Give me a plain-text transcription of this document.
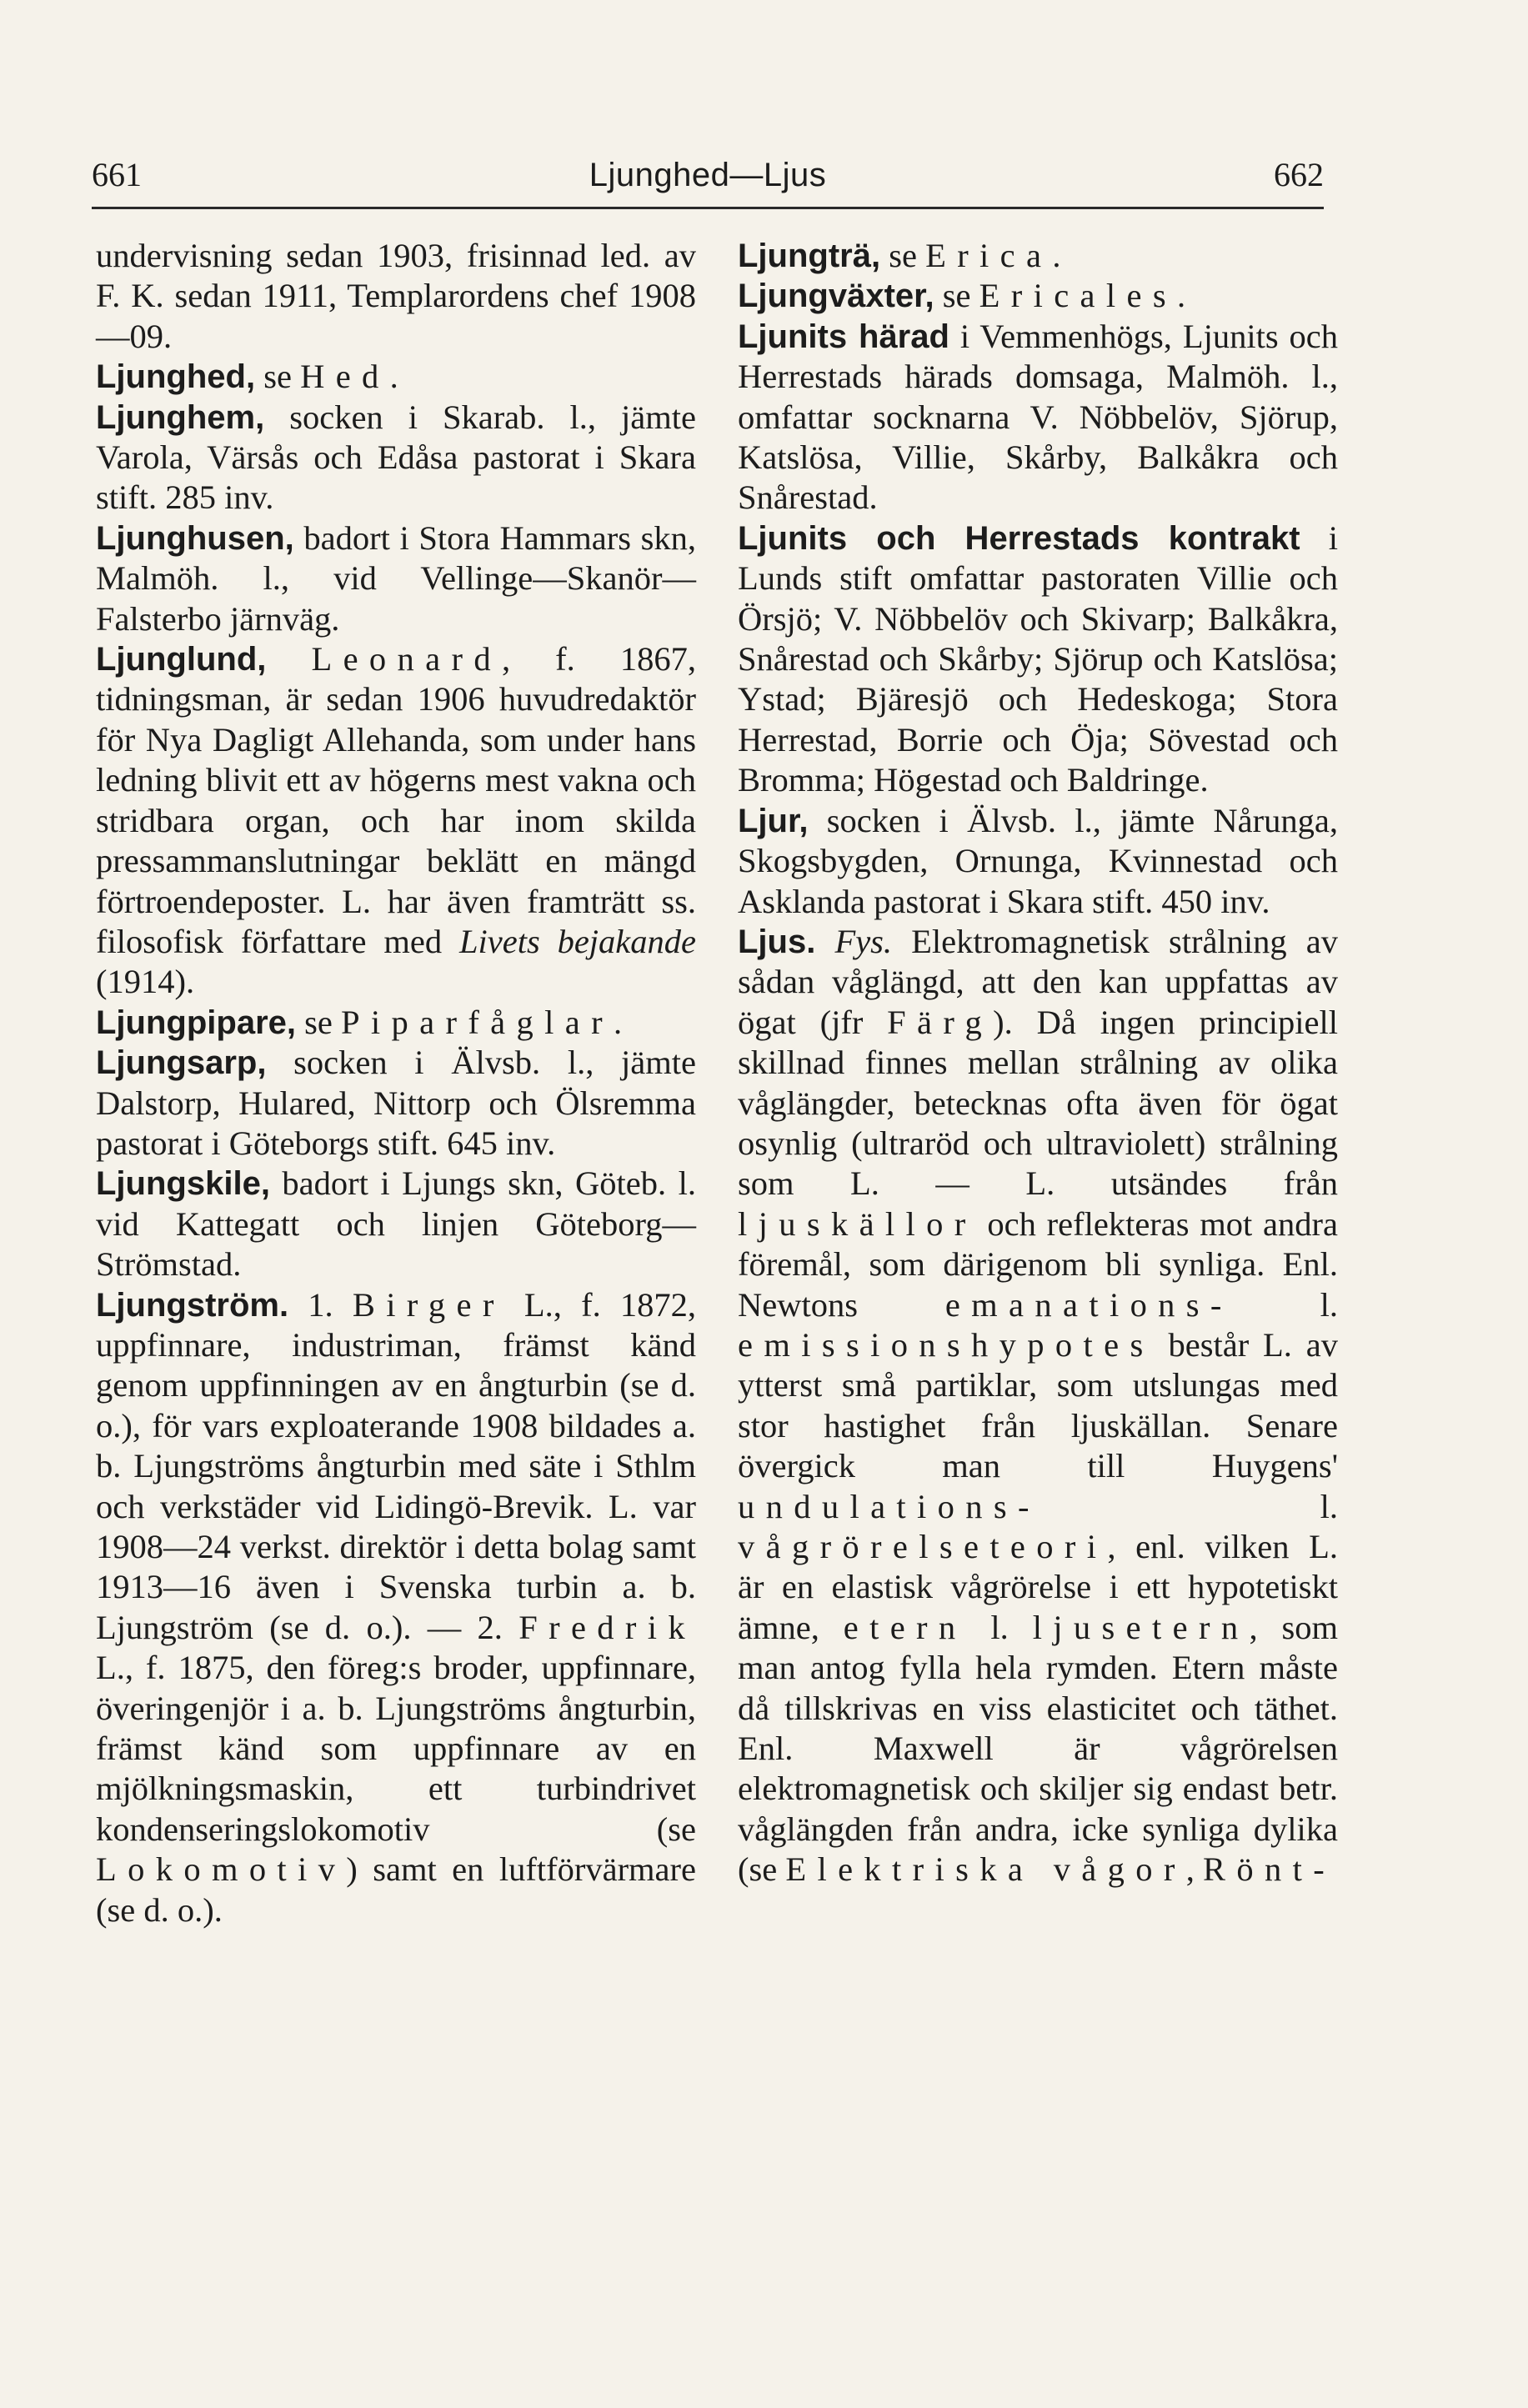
661	Ljunghed—Ljus	662

undervisning sedan 1903, frisinnad led. av F. K. sedan 1911, Templarordens chef 1908—09.

Ljunghed, se Hed.

Ljunghem, socken i Skarab. l., jämte Varola, Värsås och Edåsa pastorat i Skara stift. 285 inv.

Ljunghusen, badort i Stora Hammars skn, Malmöh. l., vid Vellinge—Skanör—Falsterbo järnväg.

Ljunglund, Leonard, f. 1867, tidningsman, är sedan 1906 huvudredaktör för Nya Dagligt Allehanda, som under hans ledning blivit ett av högerns mest vakna och stridbara organ, och har inom skilda pressammanslutningar beklätt en mängd förtroendeposter. L. har även framträtt ss. filosofisk författare med Livets bejakande (1914).

Ljungpipare, se Piparfåglar.

Ljungsarp, socken i Älvsb. l., jämte Dalstorp, Hulared, Nittorp och Ölsremma pastorat i Göteborgs stift. 645 inv.

Ljungskile, badort i Ljungs skn, Göteb. l. vid Kattegatt och linjen Göteborg—Strömstad.

Ljungström. 1. Birger L., f. 1872, uppfinnare, industriman, främst känd genom uppfinningen av en ångturbin (se d. o.), för vars exploaterande 1908 bildades a. b. Ljungströms ångturbin med säte i Sthlm och verkstäder vid Lidingö-Brevik. L. var 1908—24 verkst. direktör i detta bolag samt 1913—16 även i Svenska turbin a. b. Ljungström (se d. o.). — 2. Fredrik L., f. 1875, den föreg:s broder, uppfinnare, överingenjör i a. b. Ljungströms ångturbin, främst känd som uppfinnare av en mjölkningsmaskin, ett turbindrivet kondenseringslokomotiv (se Lokomotiv) samt en luftförvärmare (se d. o.).

Ljungträ, se Erica.

Ljungväxter, se Ericales.

Ljunits härad i Vemmenhögs, Ljunits och Herrestads härads domsaga, Malmöh. l., omfattar socknarna V. Nöbbelöv, Sjörup, Katslösa, Villie, Skårby, Balkåkra och Snårestad.

Ljunits och Herrestads kontrakt i Lunds stift omfattar pastoraten Villie och Örsjö; V. Nöbbelöv och Skivarp; Balkåkra, Snårestad och Skårby; Sjörup och Katslösa; Ystad; Bjäresjö och Hedeskoga; Stora Herrestad, Borrie och Öja; Sövestad och Bromma; Högestad och Baldringe.

Ljur, socken i Älvsb. l., jämte Nårunga, Skogsbygden, Ornunga, Kvinnestad och Asklanda pastorat i Skara stift. 450 inv.

Ljus. Fys. Elektromagnetisk strålning av sådan våglängd, att den kan uppfattas av ögat (jfr Färg). Då ingen principiell skillnad finnes mellan strålning av olika våglängder, betecknas ofta även för ögat osynlig (ultraröd och ultraviolett) strålning som L. — L. utsändes från ljuskällor och reflekteras mot andra föremål, som därigenom bli synliga. Enl. Newtons emanations- l. emissionshypotes består L. av ytterst små partiklar, som utslungas med stor hastighet från ljuskällan. Senare övergick man till Huygens' undulations- l. vågrörelseteori, enl. vilken L. är en elastisk vågrörelse i ett hypotetiskt ämne, etern l. ljusetern, som man antog fylla hela rymden. Etern måste då tillskrivas en viss elasticitet och täthet. Enl. Maxwell är vågrörelsen elektromagnetisk och skiljer sig endast betr. våglängden från andra, icke synliga dylika (se Elektriska vågor, Rönt-
